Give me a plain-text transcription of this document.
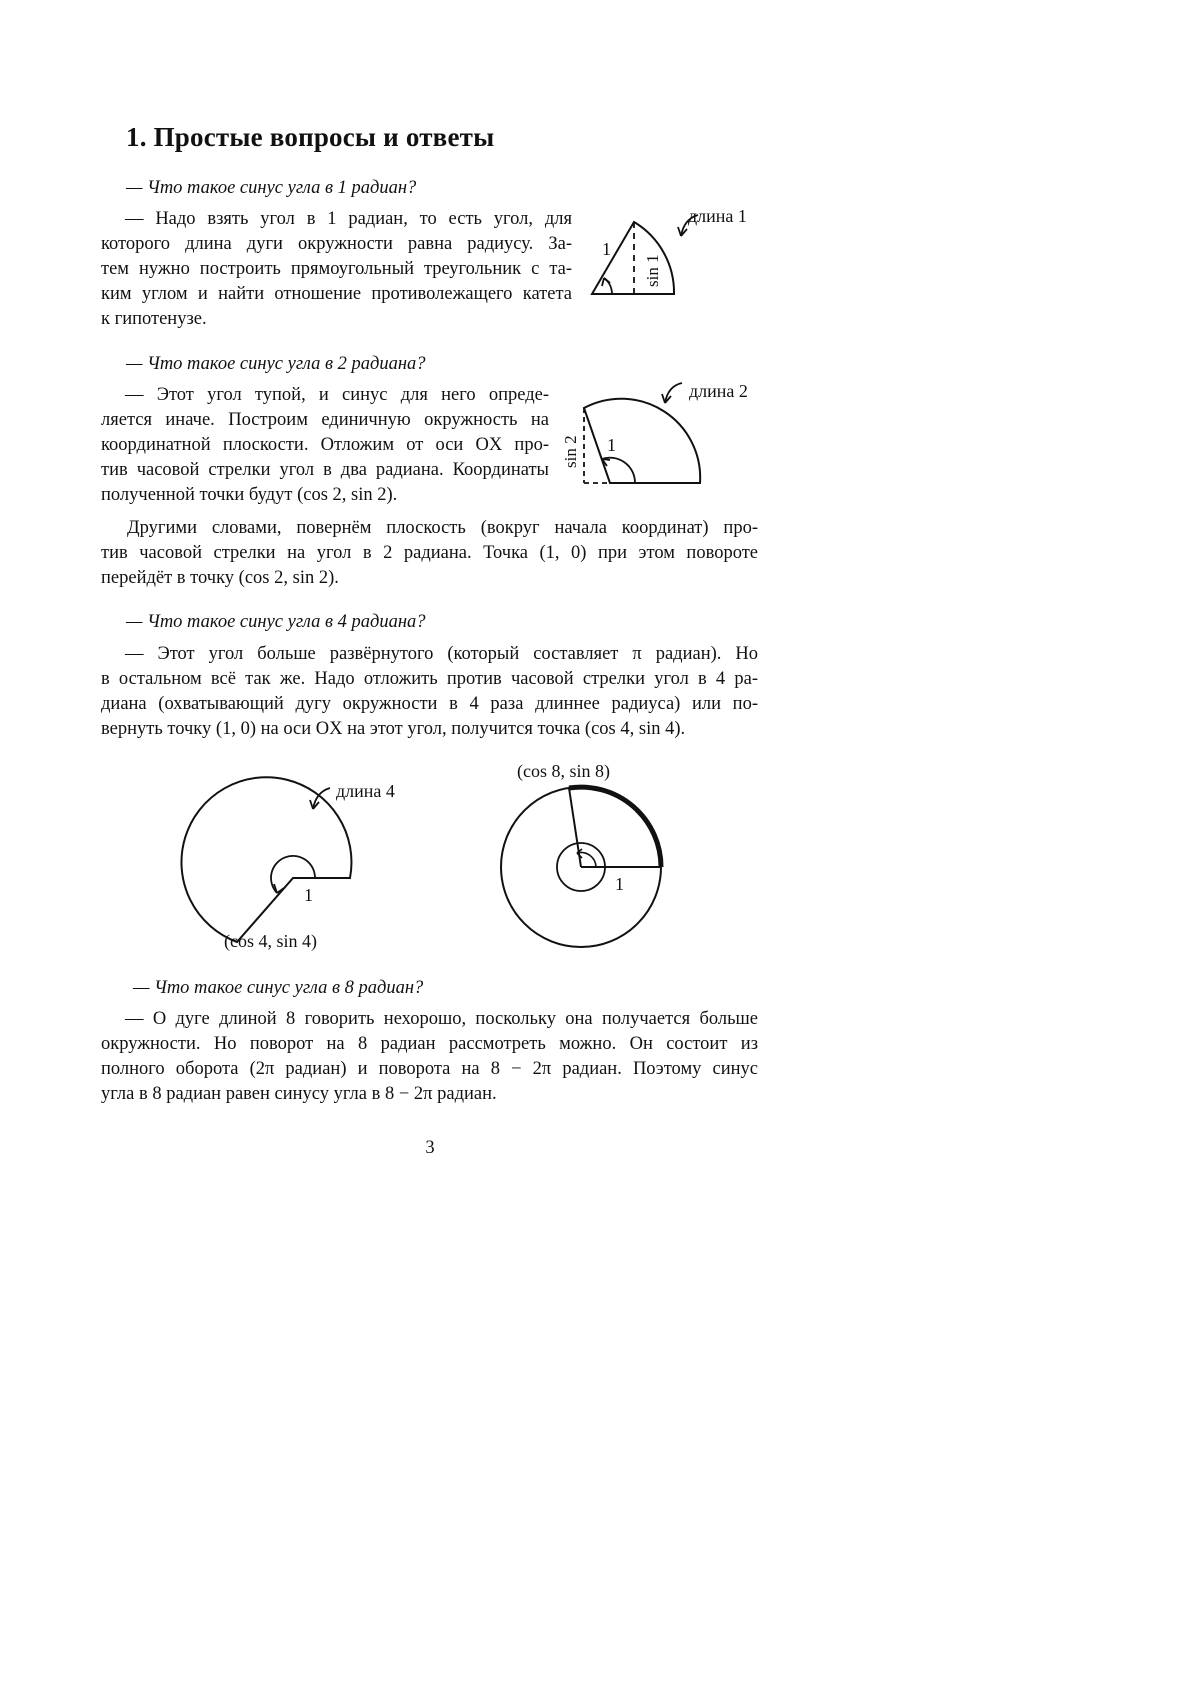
1. Простые вопросы и ответы
— Что такое синус угла в 1 радиан?
— Надо взять угол в 1 радиан, то есть угол, для
которого длина дуги окружности равна радиусу. За-
тем нужно построить прямоугольный треугольник с та-
ким углом и найти отношение противолежащего катета
к гипотенузе.
1
sin 1
длина 1
— Что такое синус угла в 2 радиана?
— Этот угол тупой, и синус для него опреде-
ляется иначе. Построим единичную окружность на
координатной плоскости. Отложим от оси OX про-
тив часовой стрелки угол в два радиана. Координаты
полученной точки будут (cos 2, sin 2).
1
sin 2
длина 2
Другими словами, повернём плоскость (вокруг начала координат) про-
тив часовой стрелки на угол в 2 радиана. Точка (1, 0) при этом повороте
перейдёт в точку (cos 2, sin 2).
— Что такое синус угла в 4 радиана?
— Этот угол больше развёрнутого (который составляет π радиан). Но
в остальном всё так же. Надо отложить против часовой стрелки угол в 4 ра-
диана (охватывающий дугу окружности в 4 раза длиннее радиуса) или по-
вернуть точку (1, 0) на оси OX на этот угол, получится точка (cos 4, sin 4).
длина 4
1
(cos 4, sin 4)
1
(cos 8, sin 8)
— Что такое синус угла в 8 радиан?
— О дуге длиной 8 говорить нехорошо, поскольку она получается больше
окружности. Но поворот на 8 радиан рассмотреть можно. Он состоит из
полного оборота (2π радиан) и поворота на 8 − 2π радиан. Поэтому синус
угла в 8 радиан равен синусу угла в 8 − 2π радиан.
3
